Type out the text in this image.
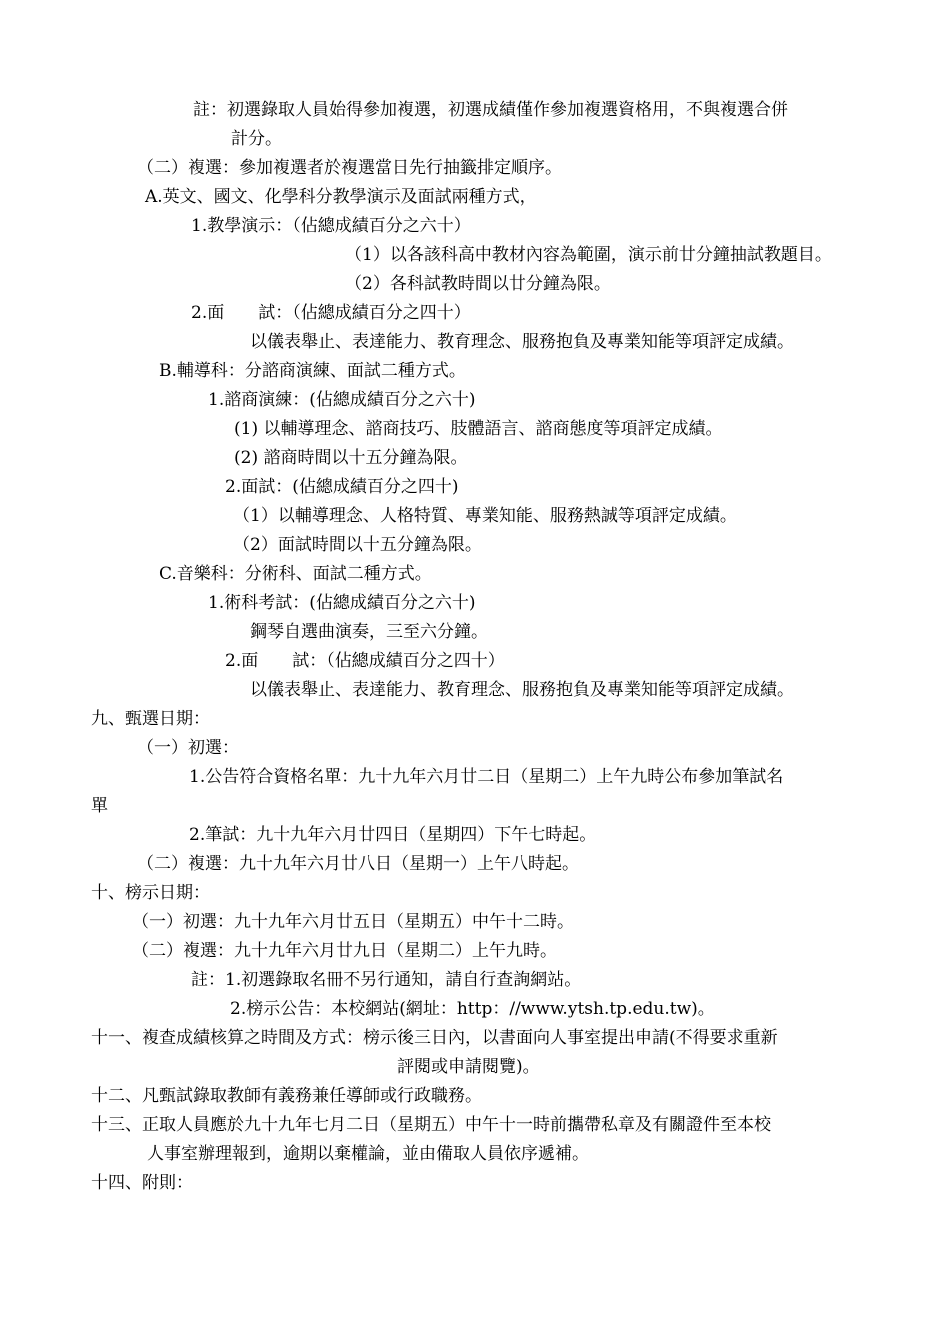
註：初選錄取人員始得參加複選，初選成績僅作參加複選資格用，不與複選合併
計分。
（二）複選：參加複選者於複選當日先行抽籤排定順序。
A.英文、國文、化學科分教學演示及面試兩種方式，
1.教學演示：（佔總成績百分之六十）
（1）以各該科高中教材內容為範圍，演示前廿分鐘抽試教題目。
（2）各科試教時間以廿分鐘為限。
2.面　　試：（佔總成績百分之四十）
以儀表舉止、表達能力、教育理念、服務抱負及專業知能等項評定成績。
B.輔導科：分諮商演練、面試二種方式。
1.諮商演練：(佔總成績百分之六十)
(1) 以輔導理念、諮商技巧、肢體語言、諮商態度等項評定成績。
(2) 諮商時間以十五分鐘為限。
2.面試：(佔總成績百分之四十)
（1）以輔導理念、人格特質、專業知能、服務熱誠等項評定成績。
（2）面試時間以十五分鐘為限。
C.音樂科：分術科、面試二種方式。
1.術科考試：(佔總成績百分之六十)
鋼琴自選曲演奏，三至六分鐘。
2.面　　試：（佔總成績百分之四十）
以儀表舉止、表達能力、教育理念、服務抱負及專業知能等項評定成績。
九、甄選日期：
（一）初選：
1.公告符合資格名單：九十九年六月廿二日（星期二）上午九時公布參加筆試名
單
2.筆試：九十九年六月廿四日（星期四）下午七時起。
（二）複選：九十九年六月廿八日（星期一）上午八時起。
十、榜示日期：
（一）初選：九十九年六月廿五日（星期五）中午十二時。
（二）複選：九十九年六月廿九日（星期二）上午九時。
註：1.初選錄取名冊不另行通知，請自行查詢網站。
2.榜示公告：本校網站(網址：http：//www.ytsh.tp.edu.tw)。
十一、複查成績核算之時間及方式：榜示後三日內，以書面向人事室提出申請(不得要求重新
評閱或申請閱覽)。
十二、凡甄試錄取教師有義務兼任導師或行政職務。
十三、正取人員應於九十九年七月二日（星期五）中午十一時前攜帶私章及有關證件至本校
人事室辦理報到，逾期以棄權論，並由備取人員依序遞補。
十四、附則：
